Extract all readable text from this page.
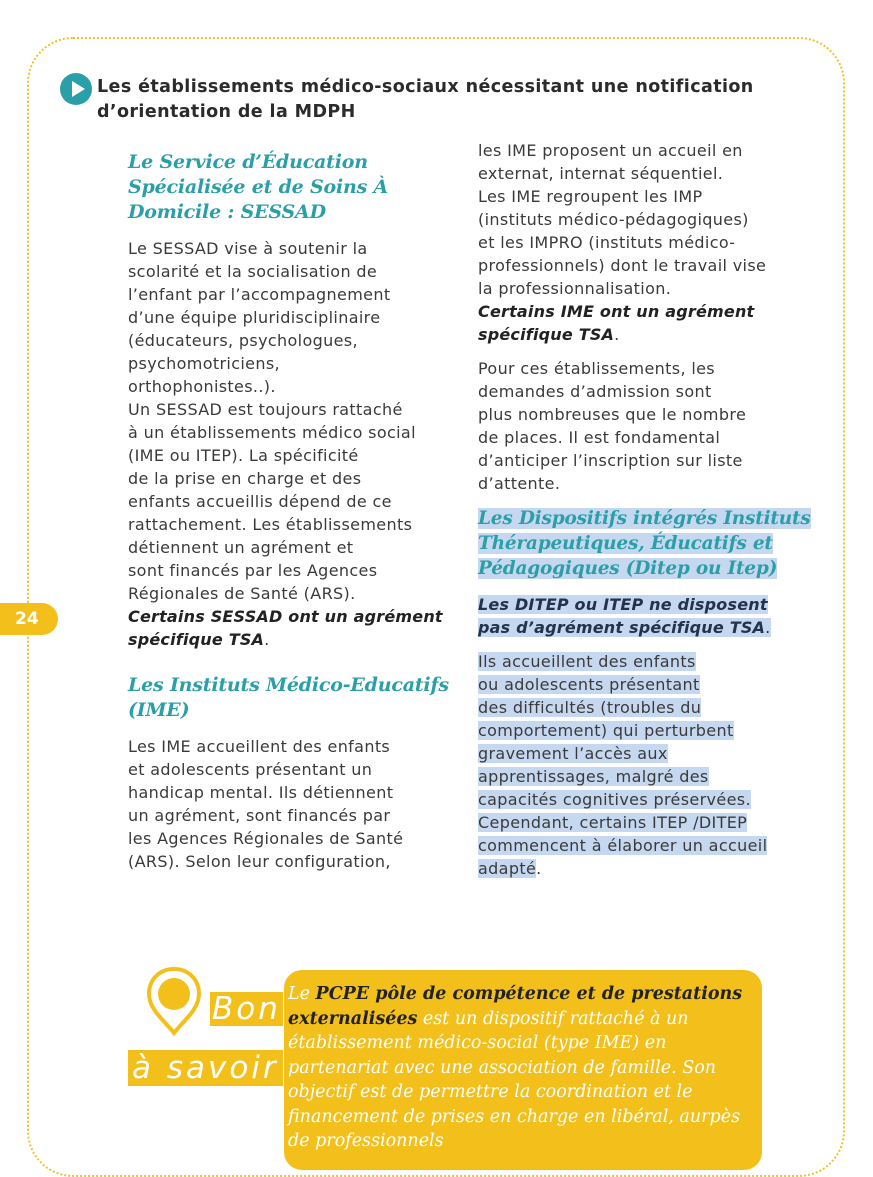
Les établissements médico-sociaux nécessitant une notification d’orientation de la MDPH
Le Service d’Éducation
Spécialisée et de Soins À
Domicile : SESSAD

Le SESSAD vise à soutenir la
scolarité et la socialisation de
l’enfant par l’accompagnement
d’une équipe pluridisciplinaire
(éducateurs, psychologues,
psychomotriciens,
orthophonistes..).
Un SESSAD est toujours rattaché
à un établissements médico social
(IME ou ITEP). La spécificité
de la prise en charge et des
enfants accueillis dépend de ce
rattachement. Les établissements
détiennent un agrément et
sont financés par les Agences
Régionales de Santé (ARS).
Certains SESSAD ont un agrément
spécifique TSA.

Les Instituts Médico-Educatifs
(IME)

Les IME accueillent des enfants
et adolescents présentant un
handicap mental. Ils détiennent
un agrément, sont financés par
les Agences Régionales de Santé
(ARS). Selon leur configuration,

les IME proposent un accueil en
externat, internat séquentiel.
Les IME regroupent les IMP
(instituts médico-pédagogiques)
et les IMPRO (instituts médico-
professionnels) dont le travail vise
la professionnalisation.
Certains IME ont un agrément
spécifique TSA.

Pour ces établissements, les
demandes d’admission sont
plus nombreuses que le nombre
de places. Il est fondamental
d’anticiper l’inscription sur liste
d’attente.

Les Dispositifs intégrés Instituts
Thérapeutiques, Éducatifs et
Pédagogiques (Ditep ou Itep)

Les DITEP ou ITEP ne disposent
pas d’agrément spécifique TSA.

Ils accueillent des enfants
ou adolescents présentant
des difficultés (troubles du
comportement) qui perturbent
gravement l’accès aux
apprentissages, malgré des
capacités cognitives préservées.
Cependant, certains ITEP /DITEP
commencent à élaborer un accueil
adapté.

24
Bon
à savoir

Le PCPE pôle de compétence et de prestations externalisées est un dispositif rattaché à un établissement médico-social (type IME) en partenariat avec une association de famille. Son objectif est de permettre la coordination et le financement de prises en charge en libéral, aurpès de professionnels
